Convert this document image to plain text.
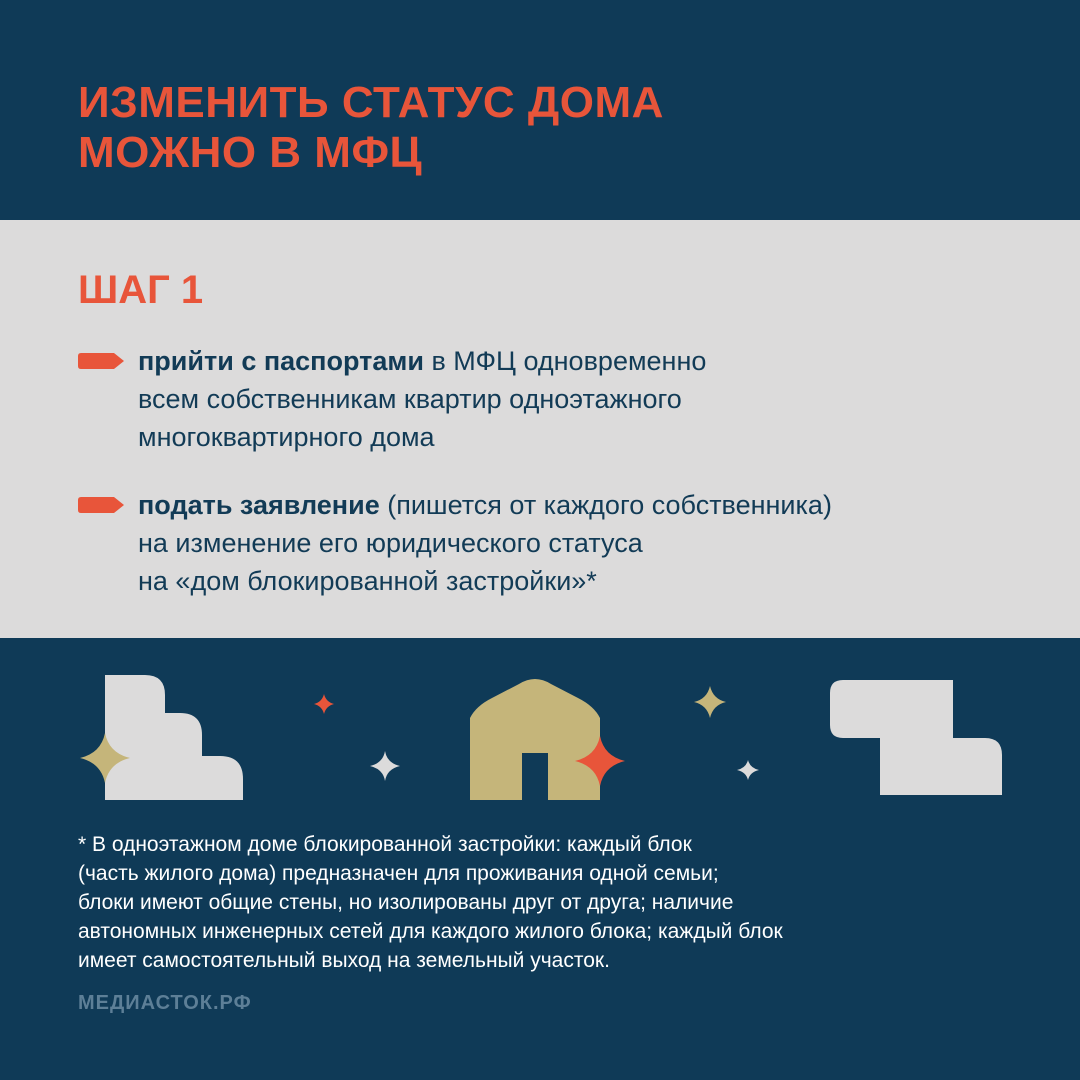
ИЗМЕНИТЬ СТАТУС ДОМА
МОЖНО В МФЦ
ШАГ 1
прийти с паспортами в МФЦ одновременно
всем собственникам квартир одноэтажного
многоквартирного дома
подать заявление (пишется от каждого собственника)
на изменение его юридического статуса
на «дом блокированной застройки»*

* В одноэтажном доме блокированной застройки: каждый блок
(часть жилого дома) предназначен для проживания одной семьи;
блоки имеют общие стены, но изолированы друг от друга; наличие
автономных инженерных сетей для каждого жилого блока; каждый блок
имеет самостоятельный выход на земельный участок.

МЕДИАСТОК.РФ
